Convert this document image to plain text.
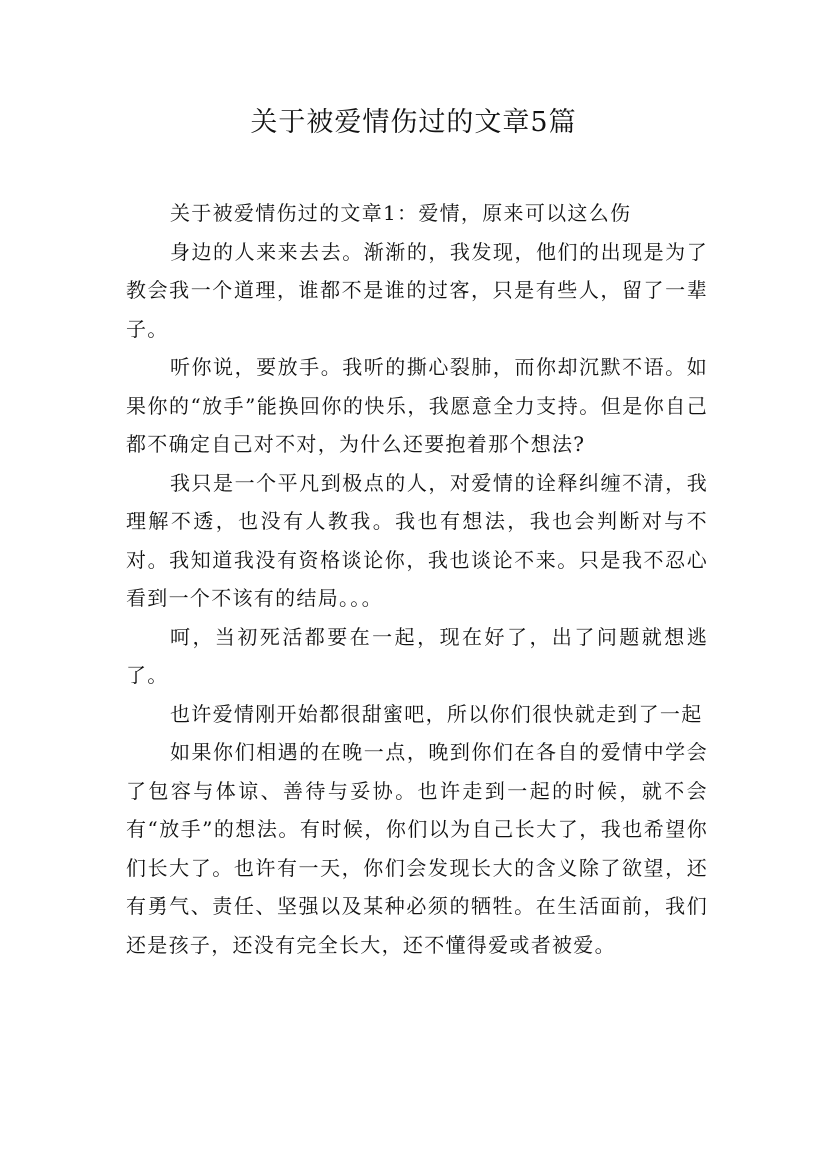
关于被爱情伤过的文章5篇

关于被爱情伤过的文章1：爱情，原来可以这么伤

身边的人来来去去。渐渐的，我发现，他们的出现是为了教会我一个道理，谁都不是谁的过客，只是有些人，留了一辈子。

听你说，要放手。我听的撕心裂肺，而你却沉默不语。如果你的“放手”能换回你的快乐，我愿意全力支持。但是你自己都不确定自己对不对，为什么还要抱着那个想法?

我只是一个平凡到极点的人，对爱情的诠释纠缠不清，我理解不透，也没有人教我。我也有想法，我也会判断对与不对。我知道我没有资格谈论你，我也谈论不来。只是我不忍心看到一个不该有的结局。。。

呵，当初死活都要在一起，现在好了，出了问题就想逃了。

也许爱情刚开始都很甜蜜吧，所以你们很快就走到了一起

如果你们相遇的在晚一点，晚到你们在各自的爱情中学会了包容与体谅、善待与妥协。也许走到一起的时候，就不会有“放手”的想法。有时候，你们以为自己长大了，我也希望你们长大了。也许有一天，你们会发现长大的含义除了欲望，还有勇气、责任、坚强以及某种必须的牺牲。在生活面前，我们还是孩子，还没有完全长大，还不懂得爱或者被爱。
